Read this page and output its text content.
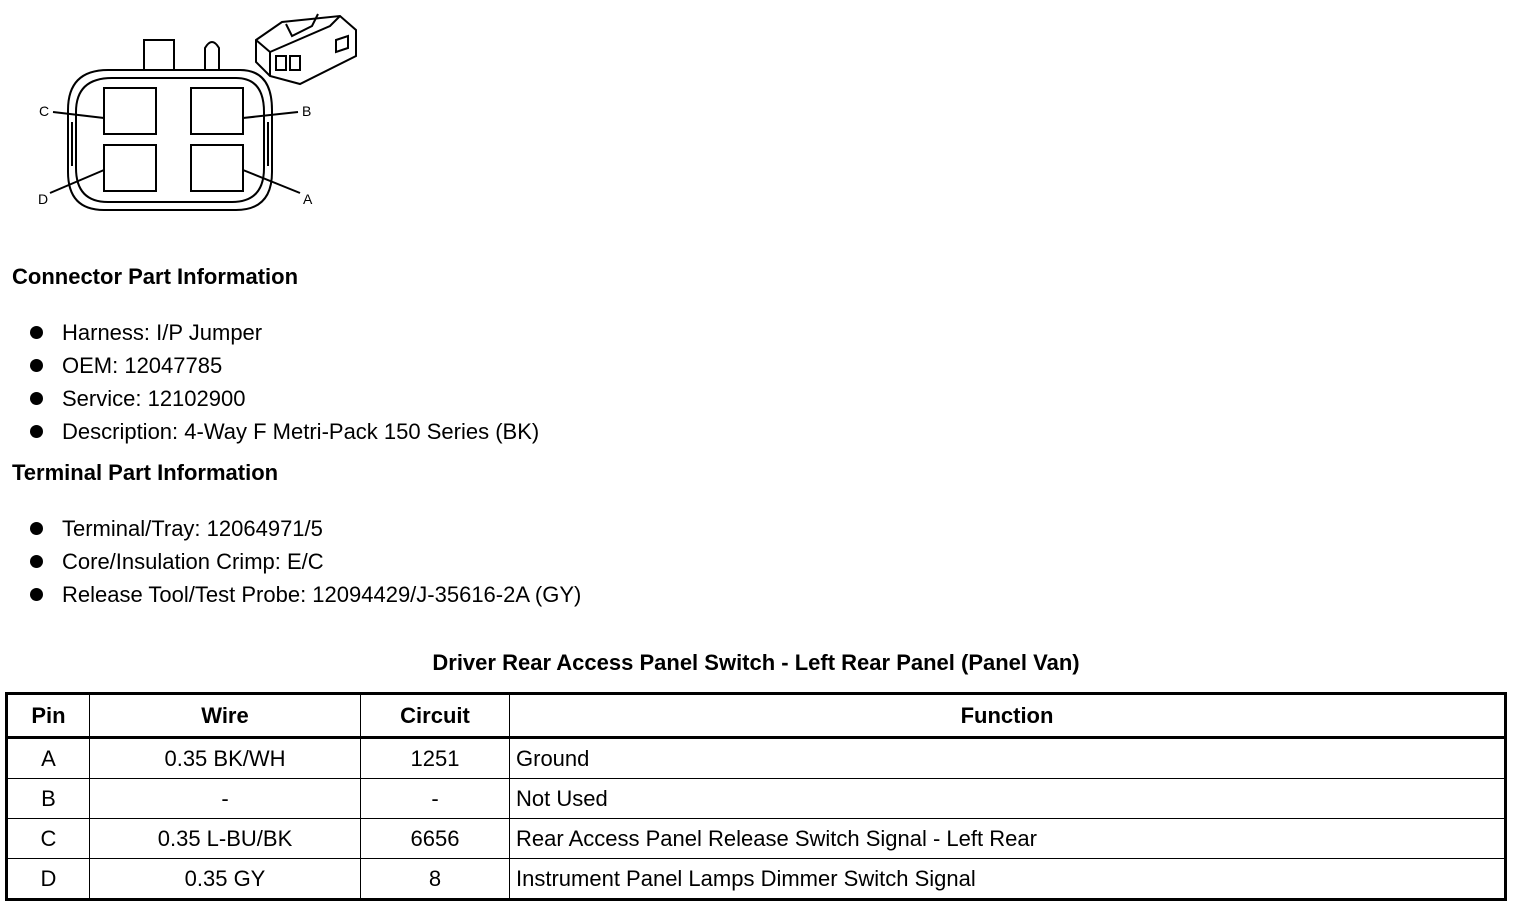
C	B
D	A
Connector Part Information
Harness: I/P Jumper
OEM: 12047785
Service: 12102900
Description: 4-Way F Metri-Pack 150 Series (BK)
Terminal Part Information
Terminal/Tray: 12064971/5
Core/Insulation Crimp: E/C
Release Tool/Test Probe: 12094429/J-35616-2A (GY)
Driver Rear Access Panel Switch - Left Rear Panel (Panel Van)
Pin	Wire	Circuit	Function
A	0.35 BK/WH	1251	Ground
B	-	-	Not Used
C	0.35 L-BU/BK	6656	Rear Access Panel Release Switch Signal - Left Rear
D	0.35 GY	8	Instrument Panel Lamps Dimmer Switch Signal
